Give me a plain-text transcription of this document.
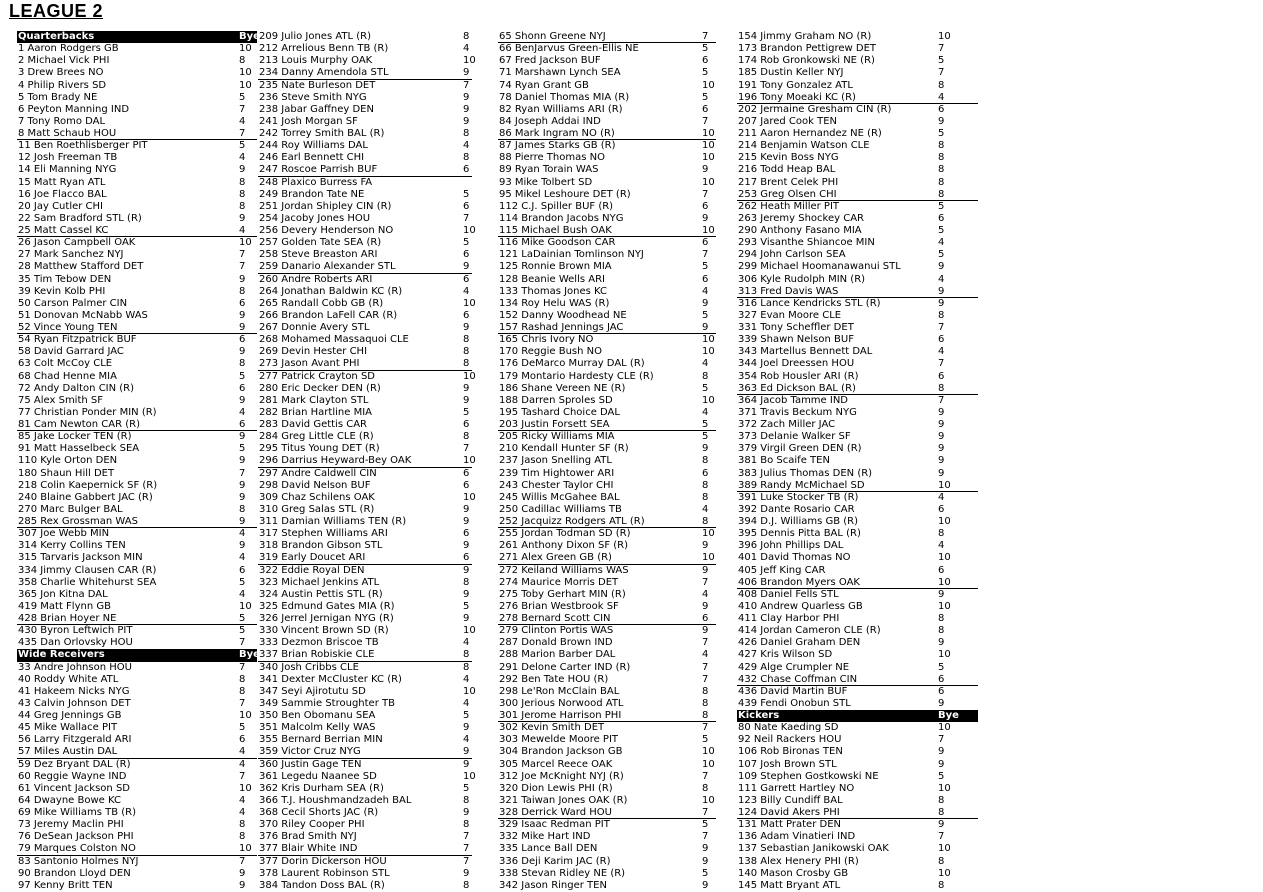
LEAGUE 2
Quarterbacks	Bye
1 Aaron Rodgers GB	10
2 Michael Vick PHI	8
3 Drew Brees NO	10
4 Philip Rivers SD	10
5 Tom Brady NE	5
6 Peyton Manning IND	7
7 Tony Romo DAL	4
8 Matt Schaub HOU	7
11 Ben Roethlisberger PIT	5
12 Josh Freeman TB	4
14 Eli Manning NYG	9
15 Matt Ryan ATL	8
16 Joe Flacco BAL	8
20 Jay Cutler CHI	8
22 Sam Bradford STL (R)	9
25 Matt Cassel KC	4
26 Jason Campbell OAK	10
27 Mark Sanchez NYJ	7
28 Matthew Stafford DET	7
35 Tim Tebow DEN	9
39 Kevin Kolb PHI	8
50 Carson Palmer CIN	6
51 Donovan McNabb WAS	9
52 Vince Young TEN	9
54 Ryan Fitzpatrick BUF	6
58 David Garrard JAC	9
63 Colt McCoy CLE	8
68 Chad Henne MIA	5
72 Andy Dalton CIN (R)	6
75 Alex Smith SF	9
77 Christian Ponder MIN (R)	4
81 Cam Newton CAR (R)	6
85 Jake Locker TEN (R)	9
91 Matt Hasselbeck SEA	5
110 Kyle Orton DEN	9
180 Shaun Hill DET	7
218 Colin Kaepernick SF (R)	9
240 Blaine Gabbert JAC (R)	9
270 Marc Bulger BAL	8
285 Rex Grossman WAS	9
307 Joe Webb MIN	4
314 Kerry Collins TEN	9
315 Tarvaris Jackson MIN	4
334 Jimmy Clausen CAR (R)	6
358 Charlie Whitehurst SEA	5
365 Jon Kitna DAL	4
419 Matt Flynn GB	10
428 Brian Hoyer NE	5
430 Byron Leftwich PIT	5
435 Dan Orlovsky HOU	7
Wide Receivers	Bye
33 Andre Johnson HOU	7
40 Roddy White ATL	8
41 Hakeem Nicks NYG	8
43 Calvin Johnson DET	7
44 Greg Jennings GB	10
45 Mike Wallace PIT	5
56 Larry Fitzgerald ARI	6
57 Miles Austin DAL	4
59 Dez Bryant DAL (R)	4
60 Reggie Wayne IND	7
61 Vincent Jackson SD	10
64 Dwayne Bowe KC	4
69 Mike Williams TB (R)	4
73 Jeremy Maclin PHI	8
76 DeSean Jackson PHI	8
79 Marques Colston NO	10
83 Santonio Holmes NYJ	7
90 Brandon Lloyd DEN	9
97 Kenny Britt TEN	9
209 Julio Jones ATL (R)	8
212 Arrelious Benn TB (R)	4
213 Louis Murphy OAK	10
234 Danny Amendola STL	9
235 Nate Burleson DET	7
236 Steve Smith NYG	9
238 Jabar Gaffney DEN	9
241 Josh Morgan SF	9
242 Torrey Smith BAL (R)	8
244 Roy Williams DAL	4
246 Earl Bennett CHI	8
247 Roscoe Parrish BUF	6
248 Plaxico Burress FA
249 Brandon Tate NE	5
251 Jordan Shipley CIN (R)	6
254 Jacoby Jones HOU	7
256 Devery Henderson NO	10
257 Golden Tate SEA (R)	5
258 Steve Breaston ARI	6
259 Danario Alexander STL	9
260 Andre Roberts ARI	6
264 Jonathan Baldwin KC (R)	4
265 Randall Cobb GB (R)	10
266 Brandon LaFell CAR (R)	6
267 Donnie Avery STL	9
268 Mohamed Massaquoi CLE	8
269 Devin Hester CHI	8
273 Jason Avant PHI	8
277 Patrick Crayton SD	10
280 Eric Decker DEN (R)	9
281 Mark Clayton STL	9
282 Brian Hartline MIA	5
283 David Gettis CAR	6
284 Greg Little CLE (R)	8
295 Titus Young DET (R)	7
296 Darrius Heyward-Bey OAK	10
297 Andre Caldwell CIN	6
298 David Nelson BUF	6
309 Chaz Schilens OAK	10
310 Greg Salas STL (R)	9
311 Damian Williams TEN (R)	9
317 Stephen Williams ARI	6
318 Brandon Gibson STL	9
319 Early Doucet ARI	6
322 Eddie Royal DEN	9
323 Michael Jenkins ATL	8
324 Austin Pettis STL (R)	9
325 Edmund Gates MIA (R)	5
326 Jerrel Jernigan NYG (R)	9
330 Vincent Brown SD (R)	10
333 Dezmon Briscoe TB	4
337 Brian Robiskie CLE	8
340 Josh Cribbs CLE	8
341 Dexter McCluster KC (R)	4
347 Seyi Ajirotutu SD	10
349 Sammie Stroughter TB	4
350 Ben Obomanu SEA	5
351 Malcolm Kelly WAS	9
355 Bernard Berrian MIN	4
359 Victor Cruz NYG	9
360 Justin Gage TEN	9
361 Legedu Naanee SD	10
362 Kris Durham SEA (R)	5
366 T.J. Houshmandzadeh BAL	8
368 Cecil Shorts JAC (R)	9
370 Riley Cooper PHI	8
376 Brad Smith NYJ	7
377 Blair White IND	7
377 Dorin Dickerson HOU	7
378 Laurent Robinson STL	9
384 Tandon Doss BAL (R)	8
65 Shonn Greene NYJ	7
66 BenJarvus Green-Ellis NE	5
67 Fred Jackson BUF	6
71 Marshawn Lynch SEA	5
74 Ryan Grant GB	10
78 Daniel Thomas MIA (R)	5
82 Ryan Williams ARI (R)	6
84 Joseph Addai IND	7
86 Mark Ingram NO (R)	10
87 James Starks GB (R)	10
88 Pierre Thomas NO	10
89 Ryan Torain WAS	9
93 Mike Tolbert SD	10
95 Mikel Leshoure DET (R)	7
112 C.J. Spiller BUF (R)	6
114 Brandon Jacobs NYG	9
115 Michael Bush OAK	10
116 Mike Goodson CAR	6
121 LaDainian Tomlinson NYJ	7
125 Ronnie Brown MIA	5
128 Beanie Wells ARI	6
133 Thomas Jones KC	4
134 Roy Helu WAS (R)	9
152 Danny Woodhead NE	5
157 Rashad Jennings JAC	9
165 Chris Ivory NO	10
170 Reggie Bush NO	10
176 DeMarco Murray DAL (R)	4
179 Montario Hardesty CLE (R)	8
186 Shane Vereen NE (R)	5
188 Darren Sproles SD	10
195 Tashard Choice DAL	4
203 Justin Forsett SEA	5
205 Ricky Williams MIA	5
210 Kendall Hunter SF (R)	9
237 Jason Snelling ATL	8
239 Tim Hightower ARI	6
243 Chester Taylor CHI	8
245 Willis McGahee BAL	8
250 Cadillac Williams TB	4
252 Jacquizz Rodgers ATL (R)	8
255 Jordan Todman SD (R)	10
261 Anthony Dixon SF (R)	9
271 Alex Green GB (R)	10
272 Keiland Williams WAS	9
274 Maurice Morris DET	7
275 Toby Gerhart MIN (R)	4
276 Brian Westbrook SF	9
278 Bernard Scott CIN	6
279 Clinton Portis WAS	9
287 Donald Brown IND	7
288 Marion Barber DAL	4
291 Delone Carter IND (R)	7
292 Ben Tate HOU (R)	7
298 Le'Ron McClain BAL	8
300 Jerious Norwood ATL	8
301 Jerome Harrison PHI	8
302 Kevin Smith DET	7
303 Mewelde Moore PIT	5
304 Brandon Jackson GB	10
305 Marcel Reece OAK	10
312 Joe McKnight NYJ (R)	7
320 Dion Lewis PHI (R)	8
321 Taiwan Jones OAK (R)	10
328 Derrick Ward HOU	7
329 Isaac Redman PIT	5
332 Mike Hart IND	7
335 Lance Ball DEN	9
336 Deji Karim JAC (R)	9
338 Stevan Ridley NE (R)	5
342 Jason Ringer TEN	9
154 Jimmy Graham NO (R)	10
173 Brandon Pettigrew DET	7
174 Rob Gronkowski NE (R)	5
185 Dustin Keller NYJ	7
191 Tony Gonzalez ATL	8
196 Tony Moeaki KC (R)	4
202 Jermaine Gresham CIN (R)	6
207 Jared Cook TEN	9
211 Aaron Hernandez NE (R)	5
214 Benjamin Watson CLE	8
215 Kevin Boss NYG	8
216 Todd Heap BAL	8
217 Brent Celek PHI	8
253 Greg Olsen CHI	8
262 Heath Miller PIT	5
263 Jeremy Shockey CAR	6
290 Anthony Fasano MIA	5
293 Visanthe Shiancoe MIN	4
294 John Carlson SEA	5
299 Michael Hoomanawanui STL	9
306 Kyle Rudolph MIN (R)	4
313 Fred Davis WAS	9
316 Lance Kendricks STL (R)	9
327 Evan Moore CLE	8
331 Tony Scheffler DET	7
339 Shawn Nelson BUF	6
343 Martellus Bennett DAL	4
344 Joel Dreessen HOU	7
354 Rob Housler ARI (R)	6
363 Ed Dickson BAL (R)	8
364 Jacob Tamme IND	7
371 Travis Beckum NYG	9
372 Zach Miller JAC	9
373 Delanie Walker SF	9
379 Virgil Green DEN (R)	9
381 Bo Scaife TEN	9
383 Julius Thomas DEN (R)	9
389 Randy McMichael SD	10
391 Luke Stocker TB (R)	4
392 Dante Rosario CAR	6
394 D.J. Williams GB (R)	10
395 Dennis Pitta BAL (R)	8
396 John Phillips DAL	4
401 David Thomas NO	10
405 Jeff King CAR	6
406 Brandon Myers OAK	10
408 Daniel Fells STL	9
410 Andrew Quarless GB	10
411 Clay Harbor PHI	8
414 Jordan Cameron CLE (R)	8
426 Daniel Graham DEN	9
427 Kris Wilson SD	10
429 Alge Crumpler NE	5
432 Chase Coffman CIN	6
436 David Martin BUF	6
439 Fendi Onobun STL	9
Kickers	Bye
80 Nate Kaeding SD	10
92 Neil Rackers HOU	7
106 Rob Bironas TEN	9
107 Josh Brown STL	9
109 Stephen Gostkowski NE	5
111 Garrett Hartley NO	10
123 Billy Cundiff BAL	8
124 David Akers PHI	8
131 Matt Prater DEN	9
136 Adam Vinatieri IND	7
137 Sebastian Janikowski OAK	10
138 Alex Henery PHI (R)	8
140 Mason Crosby GB	10
145 Matt Bryant ATL	8
